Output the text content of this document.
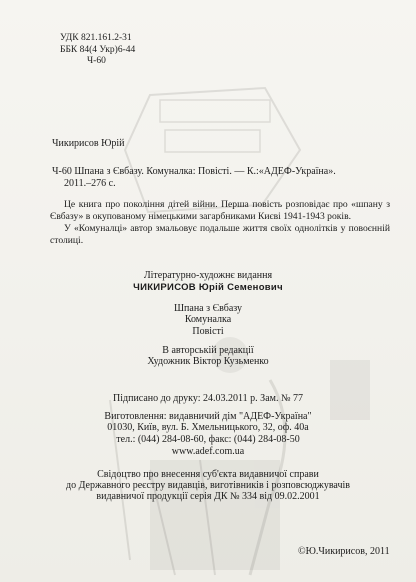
УДК 821.161.2-31
ББК 84(4 Укр)6-44
Ч-60
Чикирисов Юрій
Ч-60 Шпана з Євбазу. Комуналка: Повісті. — К.:«АДЕФ-Україна».
2011.–276 с.

Це книга про покоління дітей війни. Перша повість розповідає про «шпану з Євбазу» в окупованому німецькими загарбниками Києві 1941-1943 років.

У «Комуналці» автор змальовує подальше життя своїх однолітків у повоєнній столиці.

Літературно-художнє видання
ЧИКИРИСОВ Юрій Семенович
Шпана з Євбазу
Комуналка
Повісті
В авторській редакції
Художник Віктор Кузьменко
Підписано до друку: 24.03.2011 р. Зам. № 77
Виготовлення: видавничий дім "АДЕФ-Україна"
01030, Київ, вул. Б. Хмельницького, 32, оф. 40а
тел.: (044) 284-08-60, факс: (044) 284-08-50
www.adef.com.ua
Свідоцтво про внесення суб'єкта видавничої справи
до Державного реєстру видавців, виготівників і розповсюджувачів
видавничої продукції серія ДК № 334 від 09.02.2001
©Ю.Чикирисов, 2011
